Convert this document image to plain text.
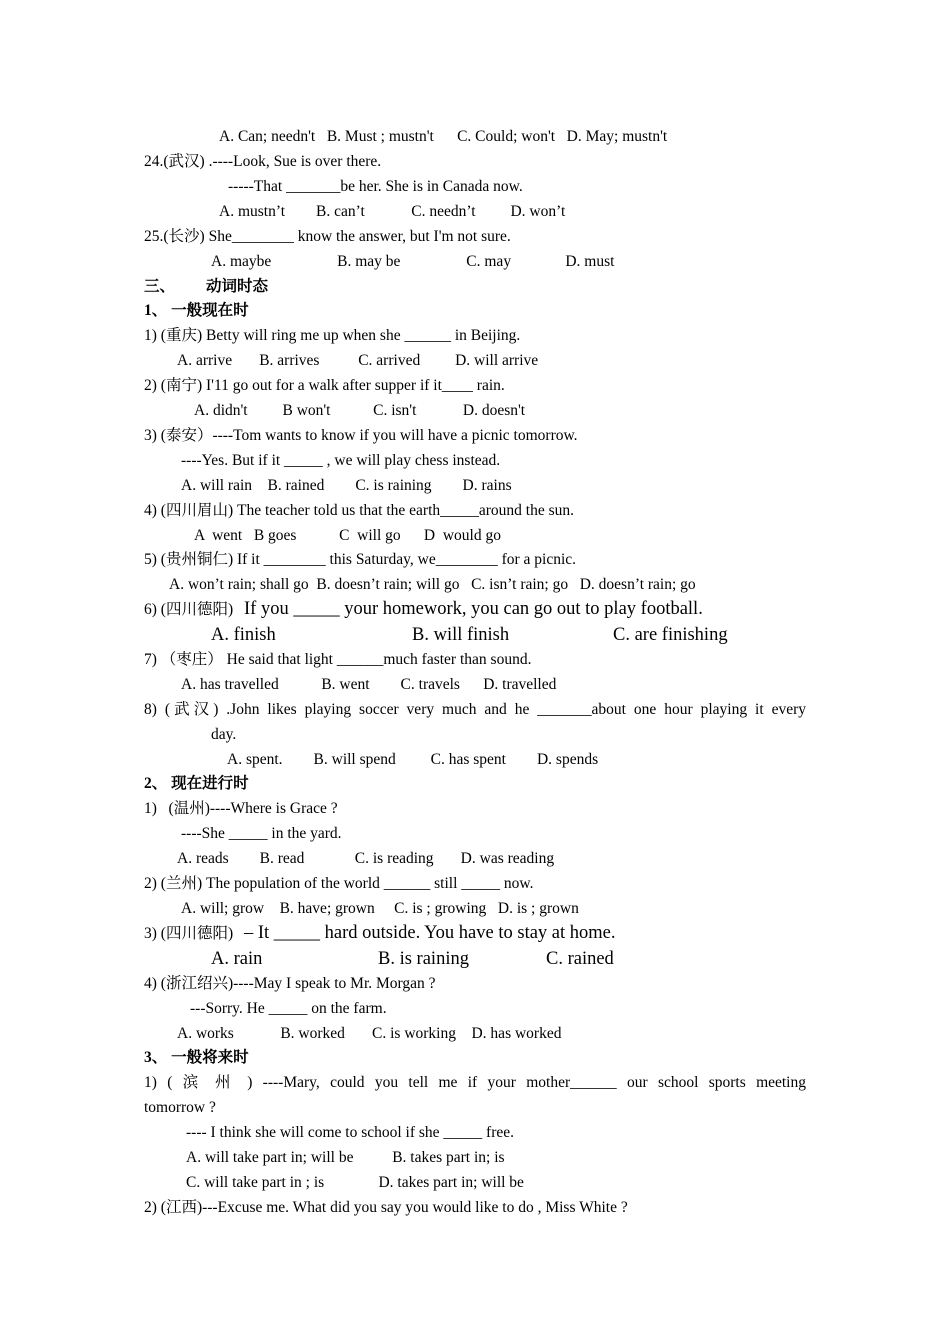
A. Can; needn't   B. Must ; mustn't      C. Could; won't   D. May; mustn't
24.(武汉) .----Look, Sue is over there.
-----That _______be her. She is in Canada now.
A. mustn’t        B. can’t            C. needn’t         D. won’t
25.(长沙) She________ know the answer, but I'm not sure.
A. maybe                 B. may be                 C. may              D. must
三、        动词时态
1、 一般现在时
1) (重庆) Betty will ring me up when she ______ in Beijing.
A. arrive       B. arrives          C. arrived         D. will arrive
2) (南宁) I'11 go out for a walk after supper if it____ rain.
A. didn't         B won't           C. isn't            D. doesn't
3) (泰安）----Tom wants to know if you will have a picnic tomorrow.
----Yes. But if it _____ , we will play chess instead.
A. will rain    B. rained        C. is raining        D. rains
4) (四川眉山) The teacher told us that the earth_____around the sun.
A  went   B goes           C  will go      D  would go
5) (贵州铜仁) If it ________ this Saturday, we________ for a picnic.
A. won’t rain; shall go  B. doesn’t rain; will go   C. isn’t rain; go   D. doesn’t rain; go
6) (四川德阳) If you _____ your homework, you can go out to play football.
A. finish	B. will finish	C. are finishing
7) （枣庄） He said that light ______much faster than sound.
A. has travelled           B. went        C. travels      D. travelled
8) (武汉) .John likes playing soccer very much and he _______about one hour playing it every
day.
A. spent.        B. will spend         C. has spent        D. spends
2、 现在进行时
1)   (温州)----Where is Grace ?
----She _____ in the yard.
A. reads        B. read             C. is reading       D. was reading
2) (兰州) The population of the world ______ still _____ now.
A. will; grow    B. have; grown     C. is ; growing   D. is ; grown
3) (四川德阳) – It _____ hard outside. You have to stay at home.
A. rain	B. is raining	C. rained
4) (浙江绍兴)----May I speak to Mr. Morgan ?
---Sorry. He _____ on the farm.
A. works            B. worked       C. is working    D. has worked
3、 一般将来时
1) ( 滨 州 ) ----Mary, could you tell me if your mother______ our school sports meeting
tomorrow ?
---- I think she will come to school if she _____ free.
A. will take part in; will be          B. takes part in; is
C. will take part in ; is              D. takes part in; will be
2) (江西)---Excuse me. What did you say you would like to do , Miss White ?
